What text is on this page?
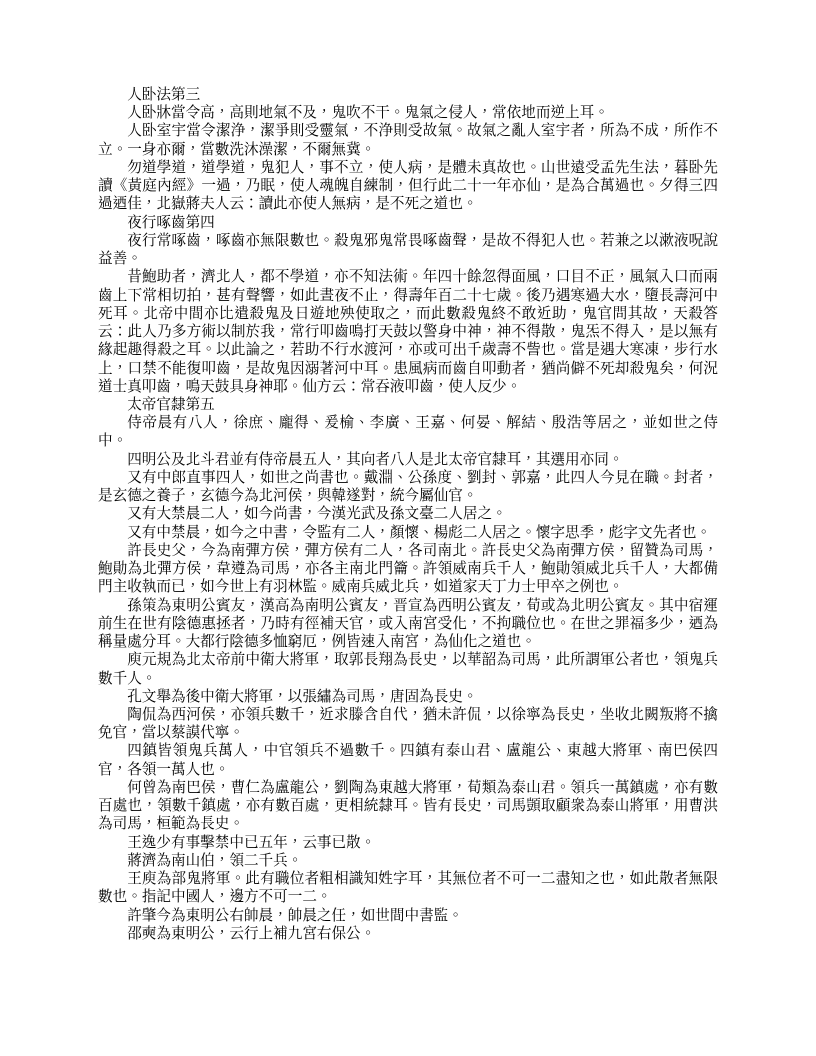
人卧法第三

人卧牀當令高，高則地氣不及，鬼吹不干。鬼氣之侵人，常依地而逆上耳。

人卧室宇當令潔浄，潔爭則受靈氣，不浄則受故氣。故氣之亂人室宇者，所為不成，所作不立。一身亦爾，當數洗沐澡潔，不爾無冀。

勿道學道，道學道，鬼犯人，事不立，使人病，是體未真故也。山世遠受孟先生法，暮卧先讀《黃庭內經》一過，乃眠，使人魂魄自練制，但行此二十一年亦仙，是為合萬過也。夕得三四過迺佳，北嶽蔣夫人云：讀此亦使人無病，是不死之道也。

夜行啄齒第四

夜行常啄齒，啄齒亦無限數也。殺鬼邪鬼常畏啄齒聲，是故不得犯人也。若兼之以漱液呪說益善。

昔鮑助者，濟北人，都不學道，亦不知法術。年四十餘忽得面風，口目不正，風氣入口而兩齒上下常相切拍，甚有聲響，如此晝夜不止，得壽年百二十七歲。後乃遇寒過大水，墮長壽河中死耳。北帝中間亦比遣殺鬼及日遊地殃使取之，而此數殺鬼終不敢近助，鬼官問其故，天殺答云：此人乃多方術以制於我，常行叩齒鳴打天鼓以警身中神，神不得散，鬼炁不得入，是以無有緣起趣得殺之耳。以此論之，若助不行水渡河，亦或可出千歲壽不訾也。當是遇大寒凍，步行水上，口禁不能復叩齒，是故鬼因溺著河中耳。患風病而齒自叩動者，猶尚僻不死却殺鬼矣，何況道士真叩齒，鳴天鼓具身神耶。仙方云：常吞液叩齒，使人反少。

太帝官隸第五

侍帝晨有八人，徐庶、龐得、爰榆、李廣、王嘉、何晏、解結、殷浩等居之，並如世之侍中。

四明公及北斗君並有侍帝晨五人，其向者八人是北太帝官隸耳，其選用亦同。

又有中郎直事四人，如世之尚書也。戴淵、公孫度、劉封、郭嘉，此四人今見在職。封者，是玄德之養子，玄德今為北河侯，與韓遂對，統今屬仙官。

又有大禁晨二人，如今尚書，今漢光武及孫文臺二人居之。

又有中禁晨，如今之中書，令監有二人，顏懷、楊彪二人居之。懷字思季，彪字文先者也。

許長史父，今為南彈方侯，彈方侯有二人，各司南北。許長史父為南彈方侯，留贊為司馬，鮑勛為北彈方侯，韋遵為司馬，亦各主南北門籥。許領威南兵千人，鮑勛領威北兵千人，大都備門主收執而已，如今世上有羽林監。威南兵威北兵，如道家天丁力士甲卒之例也。

孫策為東明公賓友，漢高為南明公賓友，晋宣為西明公賓友，荀或為北明公賓友。其中宿運前生在世有陰德惠拯者，乃時有徑補天官，或入南宮受化，不拘職位也。在世之罪福多少，迺為稱量處分耳。大都行陰德多恤窮厄，例皆速入南宮，為仙化之道也。

庾元規為北太帝前中衛大將軍，取郭長翔為長史，以華韶為司馬，此所謂軍公者也，領鬼兵數千人。

孔文舉為後中衛大將軍，以張繡為司馬，唐固為長史。

陶侃為西河侯，亦領兵數千，近求滕含自代，猶未許侃，以徐寧為長史，坐收北闕叛將不擒免官，當以蔡謨代寧。

四鎮皆領鬼兵萬人，中官領兵不過數千。四鎮有泰山君、盧龍公、東越大將軍、南巴侯四官，各領一萬人也。

何曾為南巴侯，曹仁為盧龍公，劉陶為東越大將軍，荀類為泰山君。領兵一萬鎮處，亦有數百處也，領數千鎮處，亦有數百處，更相統隸耳。皆有長史，司馬顗取顧衆為泰山將軍，用曹洪為司馬，桓範為長史。

王逸少有事擊禁中已五年，云事已散。

蔣濟為南山伯，領二千兵。

王庾為部鬼將軍。此有職位者粗相識知姓字耳，其無位者不可一二盡知之也，如此散者無限數也。指記中國人，邊方不可一二。

許肇今為東明公右帥晨，帥晨之任，如世間中書監。

邵奭為東明公，云行上補九宮右保公。
